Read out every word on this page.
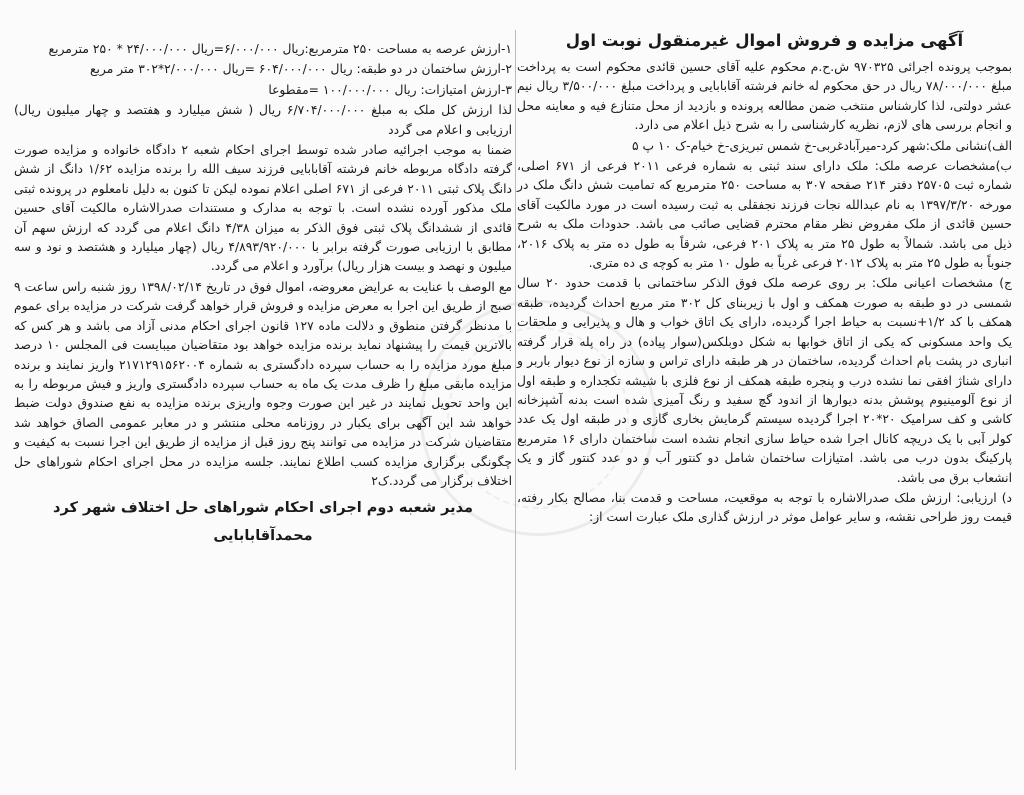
آگهی مزایده و فروش اموال غیرمنقول نوبت اول

بموجب پرونده اجرائی ۹۷۰۳۲۵ ش.ح.م محکوم علیه آقای حسین قائدی محکوم است به پرداخت مبلغ ۷۸/۰۰۰/۰۰۰ ریال در حق محکوم له خانم فرشته آقابابایی و پرداخت مبلغ ۳/۵۰۰/۰۰۰ ریال نیم عشر دولتی، لذا کارشناس منتخب ضمن مطالعه پرونده و بازدید از محل متنازع فیه و معاینه محل و انجام بررسی های لازم، نظریه کارشناسی را به شرح ذیل اعلام می دارد.

الف)نشانی ملک:شهر کرد-میرآبادغربی-خ شمس تبریزی-خ خیام-ک ۱۰ پ ۵

ب)مشخصات عرصه ملک: ملک دارای سند ثبتی به شماره فرعی ۲۰۱۱ فرعی از ۶۷۱ اصلی، شماره ثبت ۲۵۷۰۵ دفتر ۲۱۴ صفحه ۳۰۷ به مساحت ۲۵۰ مترمربع که تمامیت شش دانگ ملک در مورخه ۱۳۹۷/۳/۲۰ به نام عبدالله نجات فرزند نجفقلی به ثبت رسیده است در مورد مالکیت آقای حسین قائدی از ملک مفروض نظر مقام محترم قضایی صائب می باشد. حدودات ملک به شرح ذیل می باشد. شمالاً به طول ۲۵ متر به پلاک ۲۰۱ فرعی، شرقاً به طول ده متر به پلاک ۲۰۱۶، جنوباً به طول ۲۵ متر به پلاک ۲۰۱۲ فرعی غرباً به طول ۱۰ متر به کوچه ی ده متری.

ج) مشخصات اعیانی ملک: بر روی عرصه ملک فوق الذکر ساختمانی با قدمت حدود ۲۰ سال شمسی در دو طبقه به صورت همکف و اول با زیربنای کل ۳۰۲ متر مربع احداث گردیده، طبقه همکف با کد ۱/۲+نسبت به حیاط اجرا گردیده، دارای یک اتاق خواب و هال و پذیرایی و ملحقات یک واحد مسکونی که یکی از اتاق خوابها به شکل دوبلکس(سوار پیاده) در راه پله قرار گرفته انباری در پشت بام احداث گردیده، ساختمان در هر طبقه دارای تراس و سازه از نوع دیوار باربر و دارای شناژ افقی نما نشده درب و پنجره طبقه همکف از نوع فلزی با شیشه تکجداره و طبقه اول از نوع آلومینیوم پوشش بدنه دیوارها از اندود گچ سفید و رنگ آمیزی شده است بدنه آشپزخانه کاشی و کف سرامیک ۲۰*۲۰ اجرا گردیده سیستم گرمایش بخاری گازی و در طبقه اول یک عدد کولر آبی با یک دریچه کانال اجرا شده حیاط سازی انجام نشده است ساختمان دارای ۱۶ مترمربع پارکینگ بدون درب می باشد. امتیازات ساختمان شامل دو کنتور آب و دو عدد کنتور گاز و یک انشعاب برق می باشد.

د) ارزیابی: ارزش ملک صدرالاشاره با توجه به موقعیت، مساحت و قدمت بنا، مصالح بکار رفته، قیمت روز طراحی نقشه، و سایر عوامل موثر در ارزش گذاری ملک عبارت است از:

۱-ارزش عرصه به مساحت ۲۵۰ مترمربع:ریال ۶/۰۰۰/۰۰۰=ریال ۲۴/۰۰۰/۰۰۰ * ۲۵۰ مترمربع

۲-ارزش ساختمان در دو طبقه: ریال ۶۰۴/۰۰۰/۰۰۰ =ریال ۲/۰۰۰/۰۰۰*۳۰۲ متر مربع

۳-ارزش امتیازات: ریال ۱۰۰/۰۰۰/۰۰۰ =مقطوعا

لذا ارزش کل ملک به مبلغ ۶/۷۰۴/۰۰۰/۰۰۰ ریال ( شش میلیارد و هفتصد و چهار میلیون ریال) ارزیابی و اعلام می گردد

ضمنا به موجب اجرائیه صادر شده توسط اجرای احکام شعبه ۲ دادگاه خانواده و مزایده صورت گرفته دادگاه مربوطه خانم فرشته آقابابایی فرزند سیف الله را برنده مزایده ۱/۶۲ دانگ از شش دانگ پلاک ثبتی ۲۰۱۱ فرعی از ۶۷۱ اصلی اعلام نموده لیکن تا کنون به دلیل نامعلوم در پرونده ثبتی ملک مذکور آورده نشده است. با توجه به مدارک و مستندات صدرالاشاره مالکیت آقای حسین قائدی از ششدانگ پلاک ثبتی فوق الذکر به میزان ۴/۳۸ دانگ اعلام می گردد که ارزش سهم آن مطابق با ارزیابی صورت گرفته برابر با ۴/۸۹۳/۹۲۰/۰۰۰ ریال (چهار میلیارد و هشتصد و نود و سه میلیون و نهصد و بیست هزار ریال) برآورد و اعلام می گردد.

مع الوصف با عنایت به عرایض معروضه، اموال فوق در تاریخ ۱۳۹۸/۰۲/۱۴ روز شنبه راس ساعت ۹ صبح از طریق این اجرا به معرض مزایده و فروش قرار خواهد گرفت شرکت در مزایده برای عموم با مدنظر گرفتن منطوق و دلالت ماده ۱۲۷ قانون اجرای احکام مدنی آزاد می باشد و هر کس که بالاترین قیمت را پیشنهاد نماید برنده مزایده خواهد بود متقاضیان میبایست فی المجلس ۱۰ درصد مبلغ مورد مزایده را به حساب سپرده دادگستری به شماره ۲۱۷۱۲۹۱۵۶۲۰۰۴ واریز نمایند و برنده مزایده مابقی مبلغ را ظرف مدت یک ماه به حساب سپرده دادگستری واریز و فیش مربوطه را به این واحد تحویل نمایند در غیر این صورت وجوه واریزی برنده مزایده به نفع صندوق دولت ضبط خواهد شد این آگهی برای یکبار در روزنامه محلی منتشر و در معابر عمومی الصاق خواهد شد متقاضیان شرکت در مزایده می توانند پنج روز قبل از مزایده از طریق این اجرا نسبت به کیفیت و چگونگی برگزاری مزایده کسب اطلاع نمایند. جلسه مزایده در محل اجرای احکام شوراهای حل اختلاف برگزار می گردد.ک۲

مدیر شعبه دوم اجرای احکام شوراهای حل اختلاف شهر کرد
محمدآقابابایی
